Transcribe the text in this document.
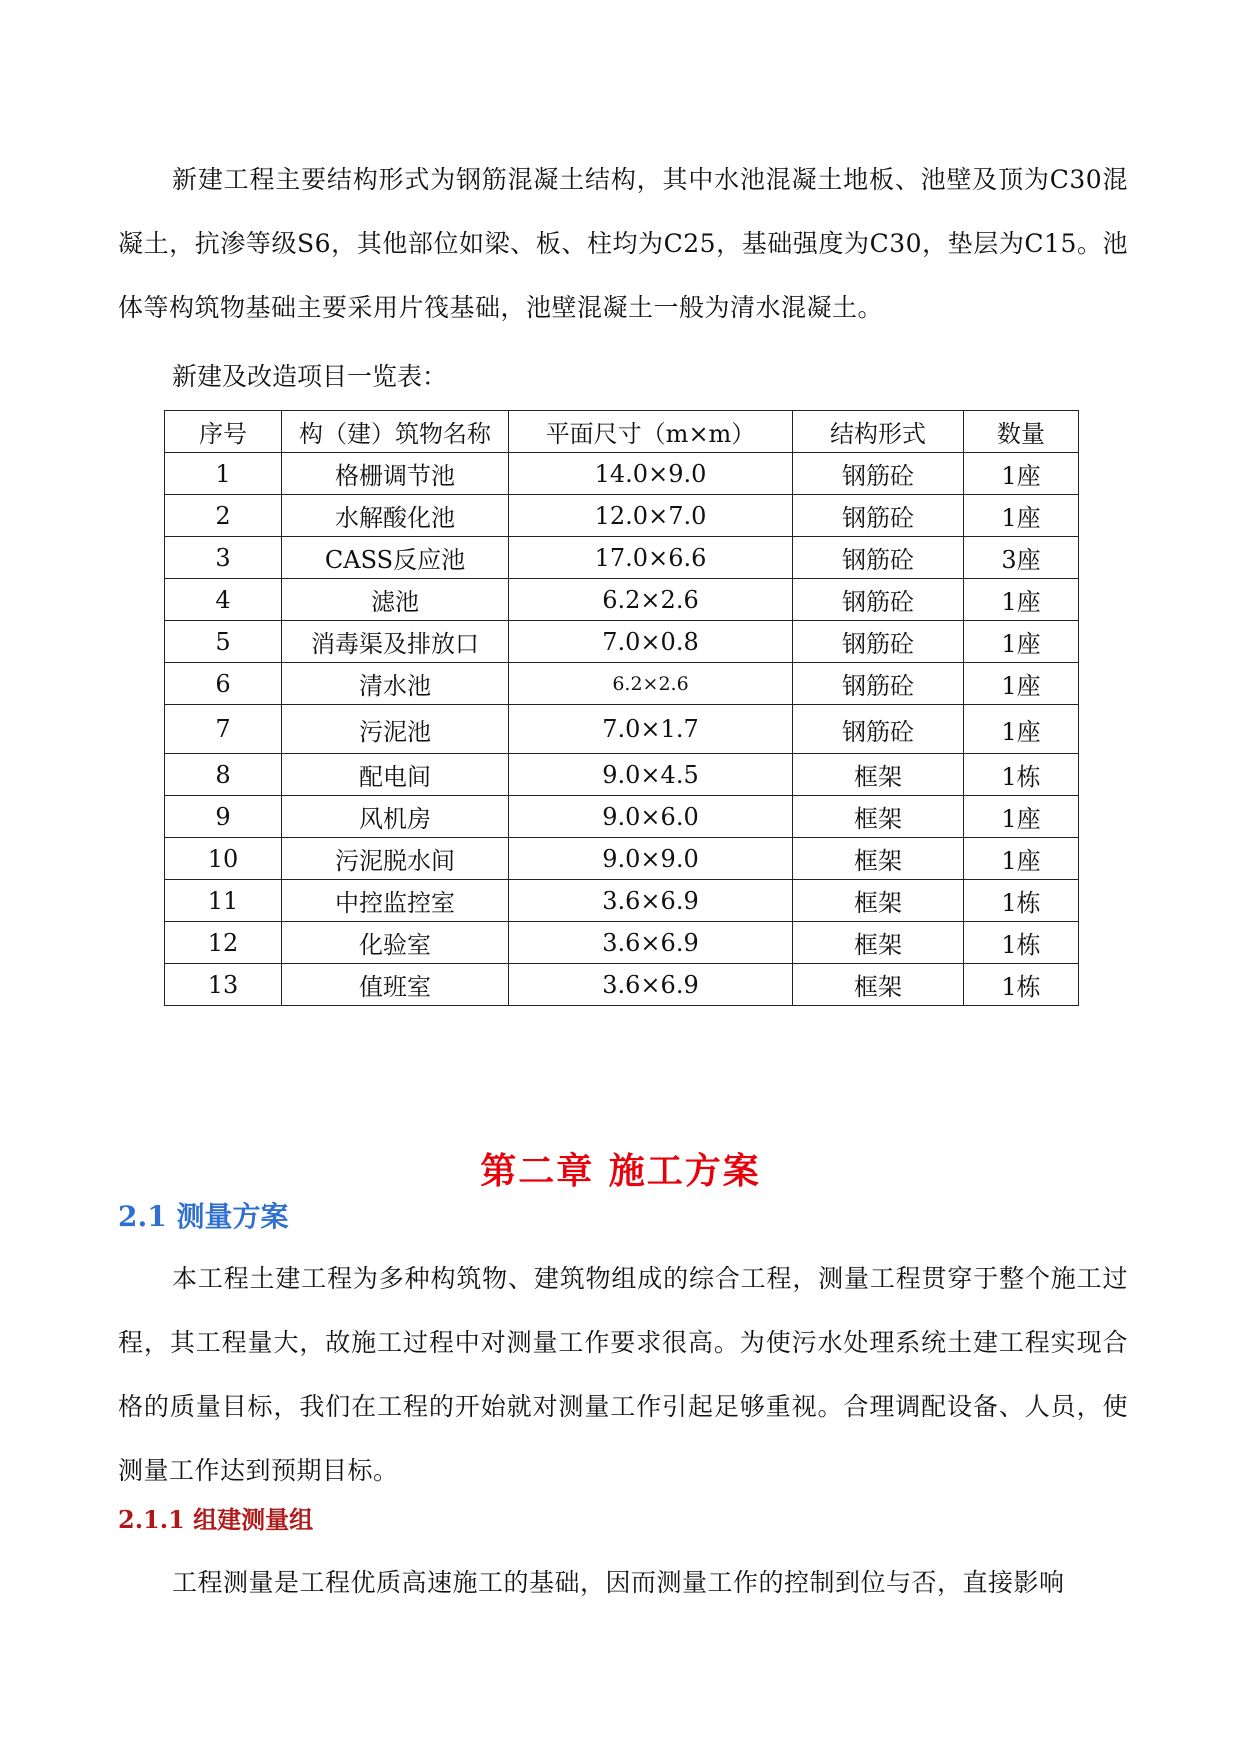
新建工程主要结构形式为钢筋混凝土结构，其中水池混凝土地板、池壁及顶为C30混凝土，抗渗等级S6，其他部位如梁、板、柱均为C25，基础强度为C30，垫层为C15。池体等构筑物基础主要采用片筏基础，池壁混凝土一般为清水混凝土。

新建及改造项目一览表：

序号	构（建）筑物名称	平面尺寸（m×m）	结构形式	数量
1	格栅调节池	14.0×9.0	钢筋砼	1座
2	水解酸化池	12.0×7.0	钢筋砼	1座
3	CASS反应池	17.0×6.6	钢筋砼	3座
4	滤池	6.2×2.6	钢筋砼	1座
5	消毒渠及排放口	7.0×0.8	钢筋砼	1座
6	清水池	6.2×2.6	钢筋砼	1座
7	污泥池	7.0×1.7	钢筋砼	1座
8	配电间	9.0×4.5	框架	1栋
9	风机房	9.0×6.0	框架	1座
10	污泥脱水间	9.0×9.0	框架	1座
11	中控监控室	3.6×6.9	框架	1栋
12	化验室	3.6×6.9	框架	1栋
13	值班室	3.6×6.9	框架	1栋
第二章 施工方案
2.1 测量方案

本工程土建工程为多种构筑物、建筑物组成的综合工程，测量工程贯穿于整个施工过程，其工程量大，故施工过程中对测量工作要求很高。为使污水处理系统土建工程实现合格的质量目标，我们在工程的开始就对测量工作引起足够重视。合理调配设备、人员，使测量工作达到预期目标。

2.1.1 组建测量组

工程测量是工程优质高速施工的基础，因而测量工作的控制到位与否，直接影响
